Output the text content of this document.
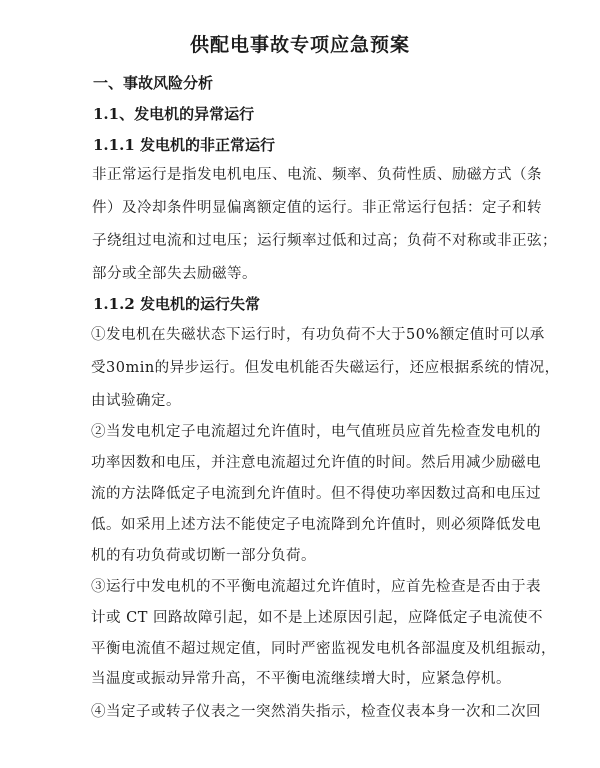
供配电事故专项应急预案
一、事故风险分析
1.1、发电机的异常运行
1.1.1 发电机的非正常运行
非正常运行是指发电机电压、电流、频率、负荷性质、励磁方式（条
件）及冷却条件明显偏离额定值的运行。非正常运行包括：定子和转
子绕组过电流和过电压；运行频率过低和过高；负荷不对称或非正弦；
部分或全部失去励磁等。
1.1.2 发电机的运行失常
①发电机在失磁状态下运行时，有功负荷不大于50%额定值时可以承
受30min的异步运行。但发电机能否失磁运行，还应根据系统的情况，
由试验确定。
②当发电机定子电流超过允许值时，电气值班员应首先检查发电机的
功率因数和电压，并注意电流超过允许值的时间。然后用减少励磁电
流的方法降低定子电流到允许值时。但不得使功率因数过高和电压过
低。如采用上述方法不能使定子电流降到允许值时，则必须降低发电
机的有功负荷或切断一部分负荷。
③运行中发电机的不平衡电流超过允许值时，应首先检查是否由于表
计或 CT 回路故障引起，如不是上述原因引起，应降低定子电流使不
平衡电流值不超过规定值，同时严密监视发电机各部温度及机组振动，
当温度或振动异常升高，不平衡电流继续增大时，应紧急停机。
④当定子或转子仪表之一突然消失指示，检查仪表本身一次和二次回
